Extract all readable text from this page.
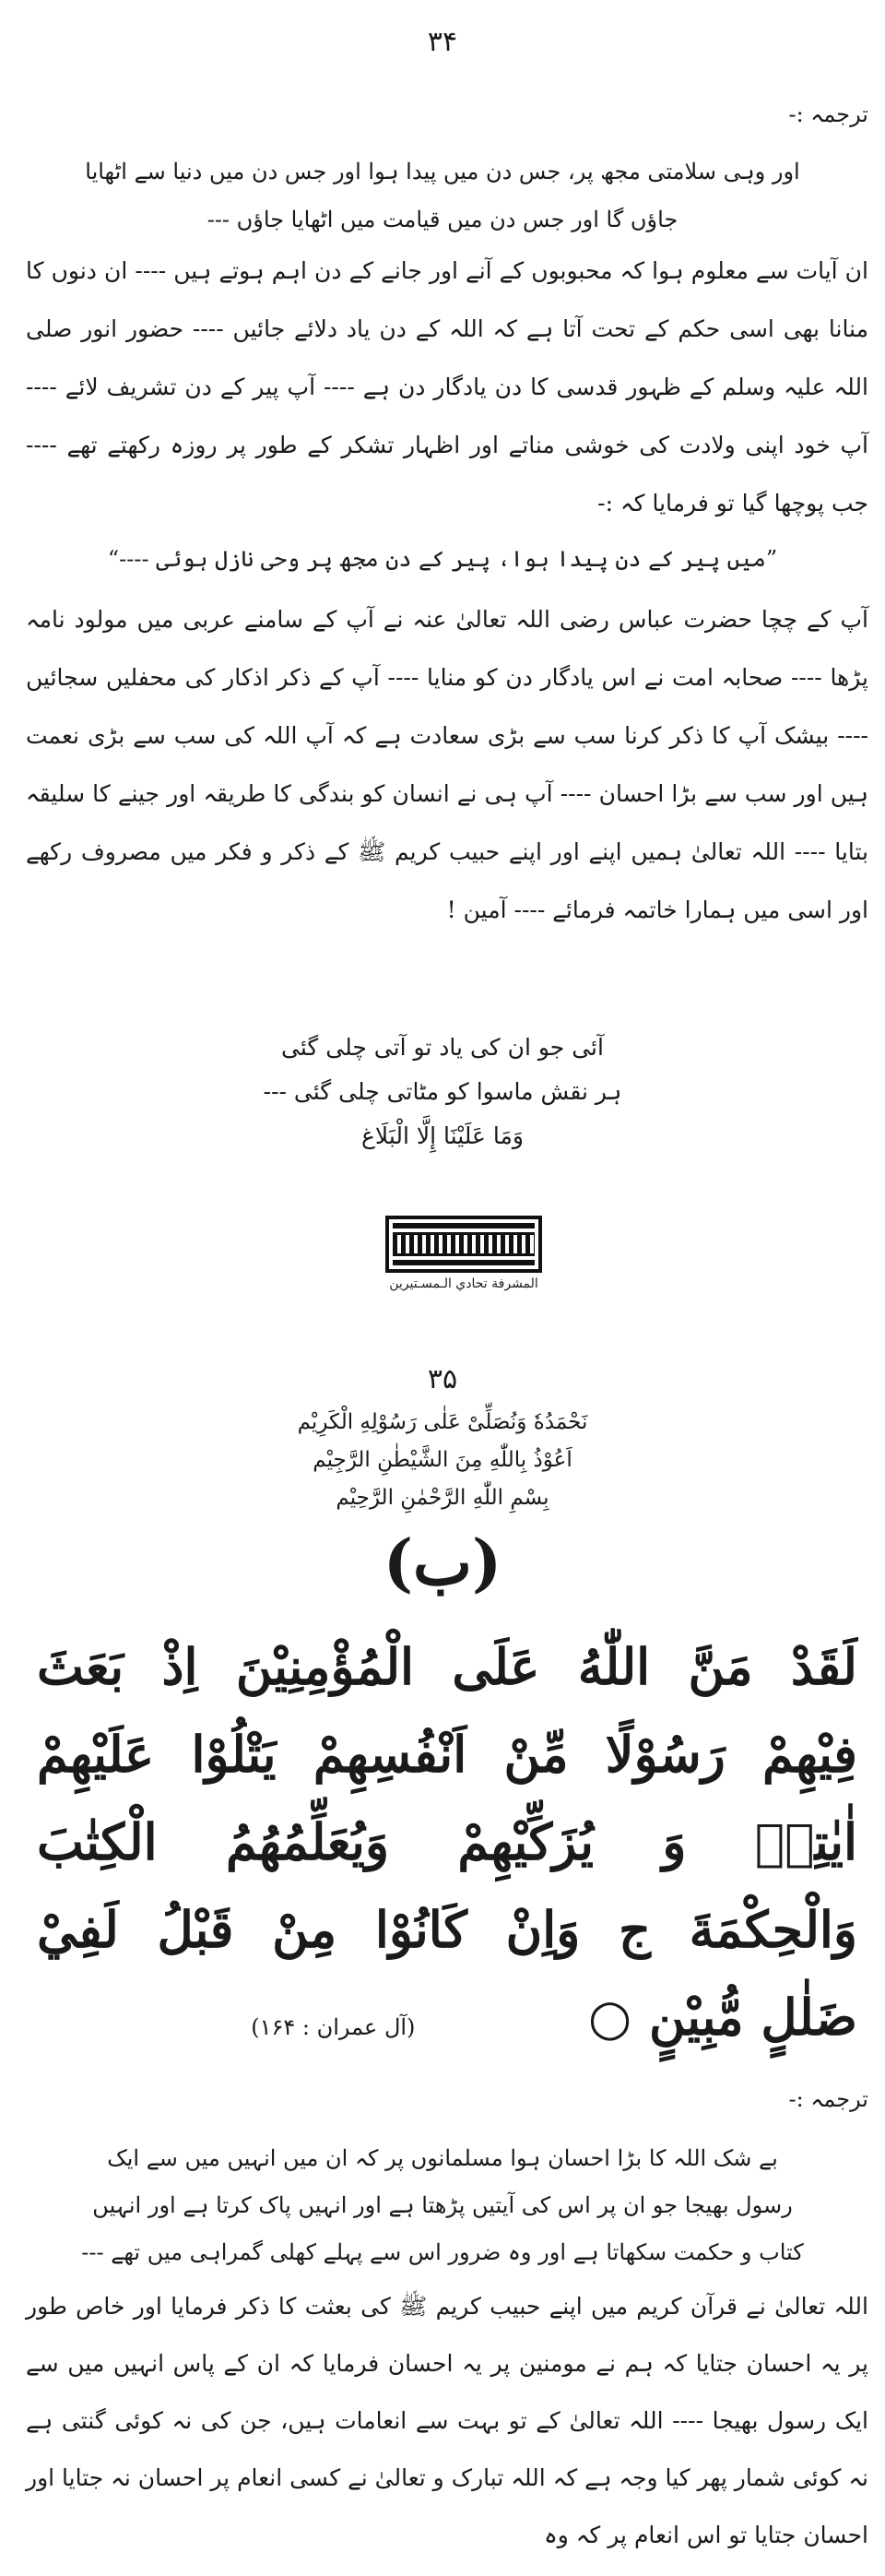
۳۴
ترجمہ :-
اور وہی سلامتی مجھ پر، جس دن میں پیدا ہوا اور جس دن میں دنیا سے اٹھایا
جاؤں گا اور جس دن میں قیامت میں اٹھایا جاؤں ---
ان آیات سے معلوم ہوا کہ محبوبوں کے آنے اور جانے کے دن اہم ہوتے ہیں ---- ان دنوں کا منانا بھی اسی حکم کے تحت آتا ہے کہ اللہ کے دن یاد دلائے جائیں ---- حضور انور صلی اللہ علیہ وسلم کے ظہور قدسی کا دن یادگار دن ہے ---- آپ پیر کے دن تشریف لائے ---- آپ خود اپنی ولادت کی خوشی مناتے اور اظہار تشکر کے طور پر روزہ رکھتے تھے ---- جب پوچھا گیا تو فرمایا کہ :-
”میں پیر کے دن پیدا ہوا، پیر کے دن مجھ پر وحی نازل ہوئی ----“
آپ کے چچا حضرت عباس رضی اللہ تعالیٰ عنہ نے آپ کے سامنے عربی میں مولود نامہ پڑھا ---- صحابہ امت نے اس یادگار دن کو منایا ---- آپ کے ذکر اذکار کی محفلیں سجائیں ---- بیشک آپ کا ذکر کرنا سب سے بڑی سعادت ہے کہ آپ اللہ کی سب سے بڑی نعمت ہیں اور سب سے بڑا احسان ---- آپ ہی نے انسان کو بندگی کا طریقہ اور جینے کا سلیقہ بتایا ---- اللہ تعالیٰ ہمیں اپنے اور اپنے حبیب کریم ﷺ کے ذکر و فکر میں مصروف رکھے اور اسی میں ہمارا خاتمہ فرمائے ---- آمین !
آئی جو ان کی یاد تو آتی چلی گئی
ہر نقش ماسوا کو مٹاتی چلی گئی ---
وَمَا عَلَيْنَا إِلَّا الْبَلَاغ
المشرفة تحادي الـمسـتيرين
۳۵
نَحْمَدُهٗ وَنُصَلِّیْ عَلٰی رَسُوْلِهِ الْكَرِيْم
اَعُوْذُ بِاللّٰهِ مِنَ الشَّيْطٰنِ الرَّجِيْم
بِسْمِ اللّٰهِ الرَّحْمٰنِ الرَّحِيْم
(ب)
لَقَدْ مَنَّ اللّٰهُ عَلَى الْمُؤْمِنِيْنَ اِذْ بَعَثَ
فِيْهِمْ رَسُوْلًا مِّنْ اَنْفُسِهِمْ يَتْلُوْا عَلَيْهِمْ
اٰيٰتِهٖ وَ يُزَكِّيْهِمْ وَيُعَلِّمُهُمُ الْكِتٰبَ
وَالْحِكْمَةَ ج وَاِنْ كَانُوْا مِنْ قَبْلُ لَفِيْ
ضَلٰلٍ مُّبِيْنٍ ○  (آل عمران : ۱۶۴)
ترجمہ :-
بے شک اللہ کا بڑا احسان ہوا مسلمانوں پر کہ ان میں انہیں میں سے ایک
رسول بھیجا جو ان پر اس کی آیتیں پڑھتا ہے اور انہیں پاک کرتا ہے اور انہیں
کتاب و حکمت سکھاتا ہے اور وہ ضرور اس سے پہلے کھلی گمراہی میں تھے ---
اللہ تعالیٰ نے قرآن کریم میں اپنے حبیب کریم ﷺ کی بعثت کا ذکر فرمایا اور خاص طور پر یہ احسان جتایا کہ ہم نے مومنین پر یہ احسان فرمایا کہ ان کے پاس انہیں میں سے ایک رسول بھیجا ---- اللہ تعالیٰ کے تو بہت سے انعامات ہیں، جن کی نہ کوئی گنتی ہے نہ کوئی شمار پھر کیا وجہ ہے کہ اللہ تبارک و تعالیٰ نے کسی انعام پر احسان نہ جتایا اور احسان جتایا تو اس انعام پر کہ وہ
